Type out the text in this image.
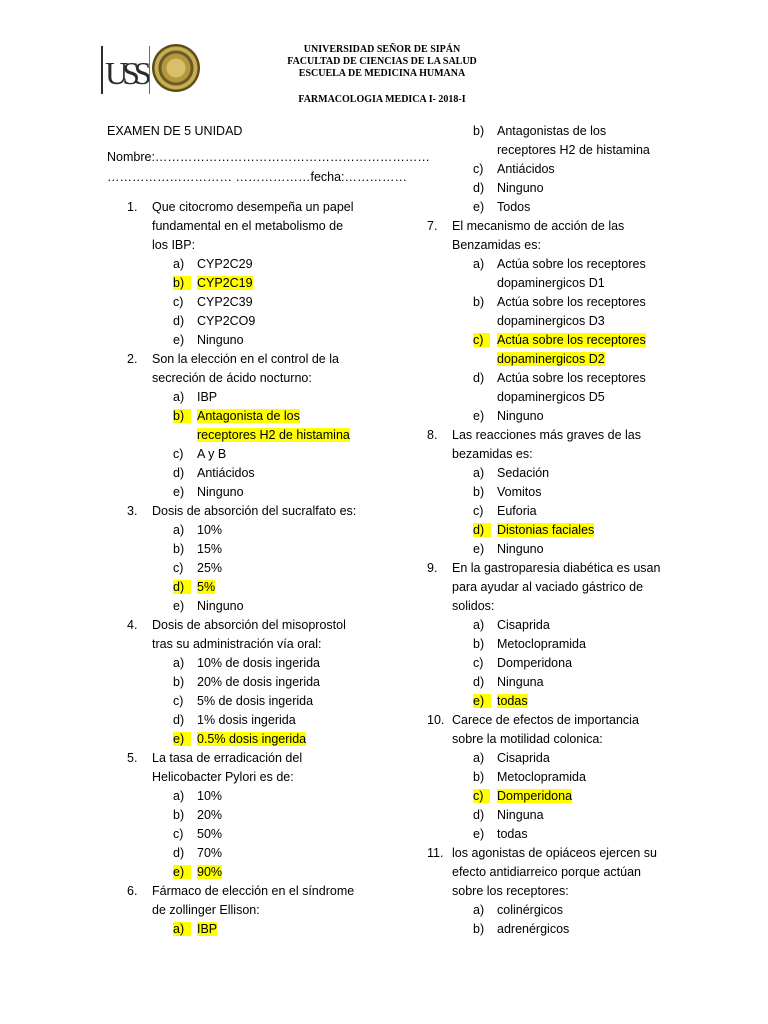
USS
UNIVERSIDAD SEÑOR DE SIPÁN
FACULTAD DE CIENCIAS DE LA SALUD
ESCUELA DE MEDICINA HUMANA
FARMACOLOGIA MEDICA I- 2018-I
EXAMEN DE 5 UNIDAD
Nombre:…………………………………………………………
………………………… ………………fecha:……………
1. Que citocromo desempeña un papel
fundamental en el metabolismo de
los IBP:
a) CYP2C29
b) CYP2C19
c) CYP2C39
d) CYP2CO9
e) Ninguno
2. Son la elección en el control de la
secreción de ácido nocturno:
a) IBP
b) Antagonista de los
receptores H2 de histamina
c) A y B
d) Antiácidos
e) Ninguno
3. Dosis de absorción del sucralfato es:
a) 10%
b) 15%
c) 25%
d) 5%
e) Ninguno
4. Dosis de absorción del misoprostol
tras su administración vía oral:
a) 10% de dosis ingerida
b) 20% de dosis ingerida
c) 5% de dosis ingerida
d) 1% dosis ingerida
e) 0.5% dosis ingerida
5. La tasa de erradicación del
Helicobacter Pylori es de:
a) 10%
b) 20%
c) 50%
d) 70%
e) 90%
6. Fármaco de elección en el síndrome
de zollinger Ellison:
a) IBP
b) Antagonistas de los
receptores H2 de histamina
c) Antiácidos
d) Ninguno
e) Todos
7. El mecanismo de acción de las
Benzamidas es:
a) Actúa sobre los receptores
dopaminergicos D1
b) Actúa sobre los receptores
dopaminergicos D3
c) Actúa sobre los receptores
dopaminergicos D2
d) Actúa sobre los receptores
dopaminergicos D5
e) Ninguno
8. Las reacciones más graves de las
bezamidas es:
a) Sedación
b) Vomitos
c) Euforia
d) Distonias faciales
e) Ninguno
9. En la gastroparesia diabética es usan
para ayudar al vaciado gástrico de
solidos:
a) Cisaprida
b) Metoclopramida
c) Domperidona
d) Ninguna
e) todas
10. Carece de efectos de importancia
sobre la motilidad colonica:
a) Cisaprida
b) Metoclopramida
c) Domperidona
d) Ninguna
e) todas
11. los agonistas de opiáceos ejercen su
efecto antidiarreico porque actúan
sobre los receptores:
a) colinérgicos
b) adrenérgicos
